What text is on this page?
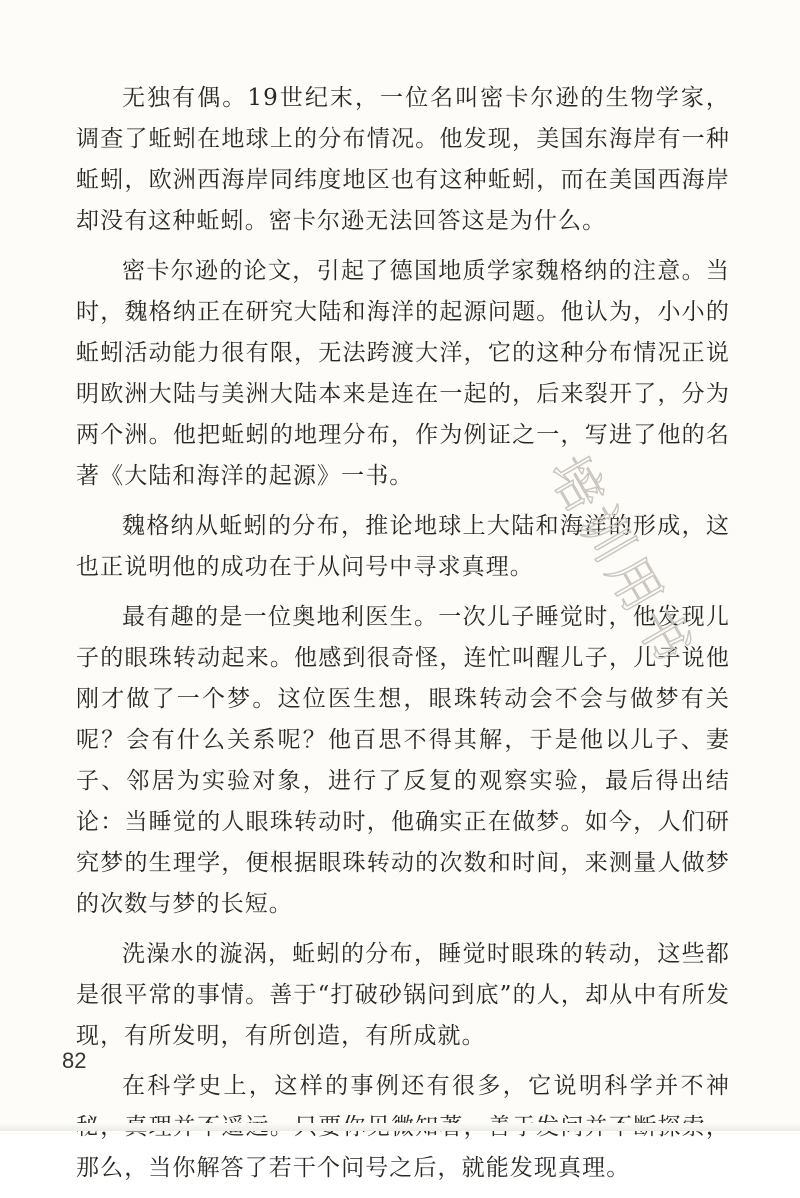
无独有偶。19世纪末，一位名叫密卡尔逊的生物学家，调查了蚯蚓在地球上的分布情况。他发现，美国东海岸有一种蚯蚓，欧洲西海岸同纬度地区也有这种蚯蚓，而在美国西海岸却没有这种蚯蚓。密卡尔逊无法回答这是为什么。

密卡尔逊的论文，引起了德国地质学家魏格纳的注意。当时，魏格纳正在研究大陆和海洋的起源问题。他认为，小小的蚯蚓活动能力很有限，无法跨渡大洋，它的这种分布情况正说明欧洲大陆与美洲大陆本来是连在一起的，后来裂开了，分为两个洲。他把蚯蚓的地理分布，作为例证之一，写进了他的名著《大陆和海洋的起源》一书。

魏格纳从蚯蚓的分布，推论地球上大陆和海洋的形成，这也正说明他的成功在于从问号中寻求真理。

最有趣的是一位奥地利医生。一次儿子睡觉时，他发现儿子的眼珠转动起来。他感到很奇怪，连忙叫醒儿子，儿子说他刚才做了一个梦。这位医生想，眼珠转动会不会与做梦有关呢？会有什么关系呢？他百思不得其解，于是他以儿子、妻子、邻居为实验对象，进行了反复的观察实验，最后得出结论：当睡觉的人眼珠转动时，他确实正在做梦。如今，人们研究梦的生理学，便根据眼珠转动的次数和时间，来测量人做梦的次数与梦的长短。

洗澡水的漩涡，蚯蚓的分布，睡觉时眼珠的转动，这些都是很平常的事情。善于“打破砂锅问到底”的人，却从中有所发现，有所发明，有所创造，有所成就。

在科学史上，这样的事例还有很多，它说明科学并不神 那么，当你解答了若干个问号之后，就能发现真理。

培训用书
82
